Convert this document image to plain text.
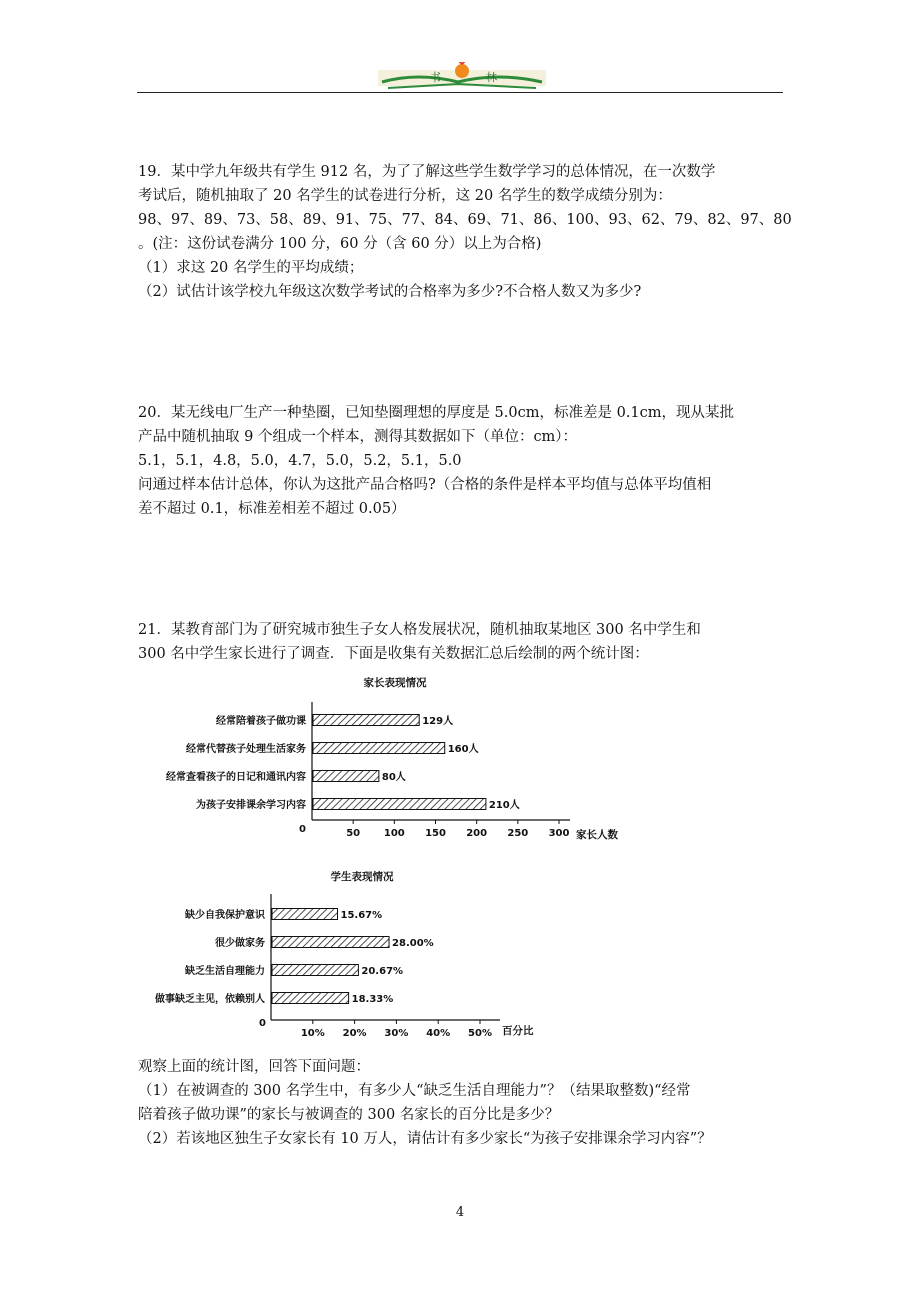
书	林
19．某中学九年级共有学生 912 名，为了了解这些学生数学学习的总体情况，在一次数学
考试后，随机抽取了 20 名学生的试卷进行分析，这 20 名学生的数学成绩分别为：
98、97、89、73、58、89、91、75、77、84、69、71、86、100、93、62、79、82、97、80
。(注：这份试卷满分 100 分，60 分（含 60 分）以上为合格)
（1）求这 20 名学生的平均成绩；
（2）试估计该学校九年级这次数学考试的合格率为多少?不合格人数又为多少?
20．某无线电厂生产一种垫圈，已知垫圈理想的厚度是 5.0cm，标准差是 0.1cm，现从某批
产品中随机抽取 9 个组成一个样本，测得其数据如下（单位：cm）：
5.1，5.1，4.8，5.0，4.7，5.0，5.2，5.1，5.0
问通过样本估计总体，你认为这批产品合格吗?（合格的条件是样本平均值与总体平均值相
差不超过 0.1，标准差相差不超过 0.05）
21．某教育部门为了研究城市独生子女人格发展状况，随机抽取某地区 300 名中学生和
300 名中学生家长进行了调查．下面是收集有关数据汇总后绘制的两个统计图：
家长表现情况
0	家长人数
50 100 150 200 250 300
经常陪着孩子做功课	129人
经常代替孩子处理生活家务	160人
经常查看孩子的日记和通讯内容	80人
为孩子安排课余学习内容	210人
学生表现情况
0
百分比
10% 20% 30% 40% 50%
缺少自我保护意识	15.67%
很少做家务	28.00%
缺乏生活自理能力	20.67%
做事缺乏主见，依赖别人	18.33%
观察上面的统计图，回答下面问题：
（1）在被调查的 300 名学生中，有多少人“缺乏生活自理能力”？（结果取整数)“经常
陪着孩子做功课”的家长与被调查的 300 名家长的百分比是多少？
（2）若该地区独生子女家长有 10 万人，请估计有多少家长“为孩子安排课余学习内容”？
4
